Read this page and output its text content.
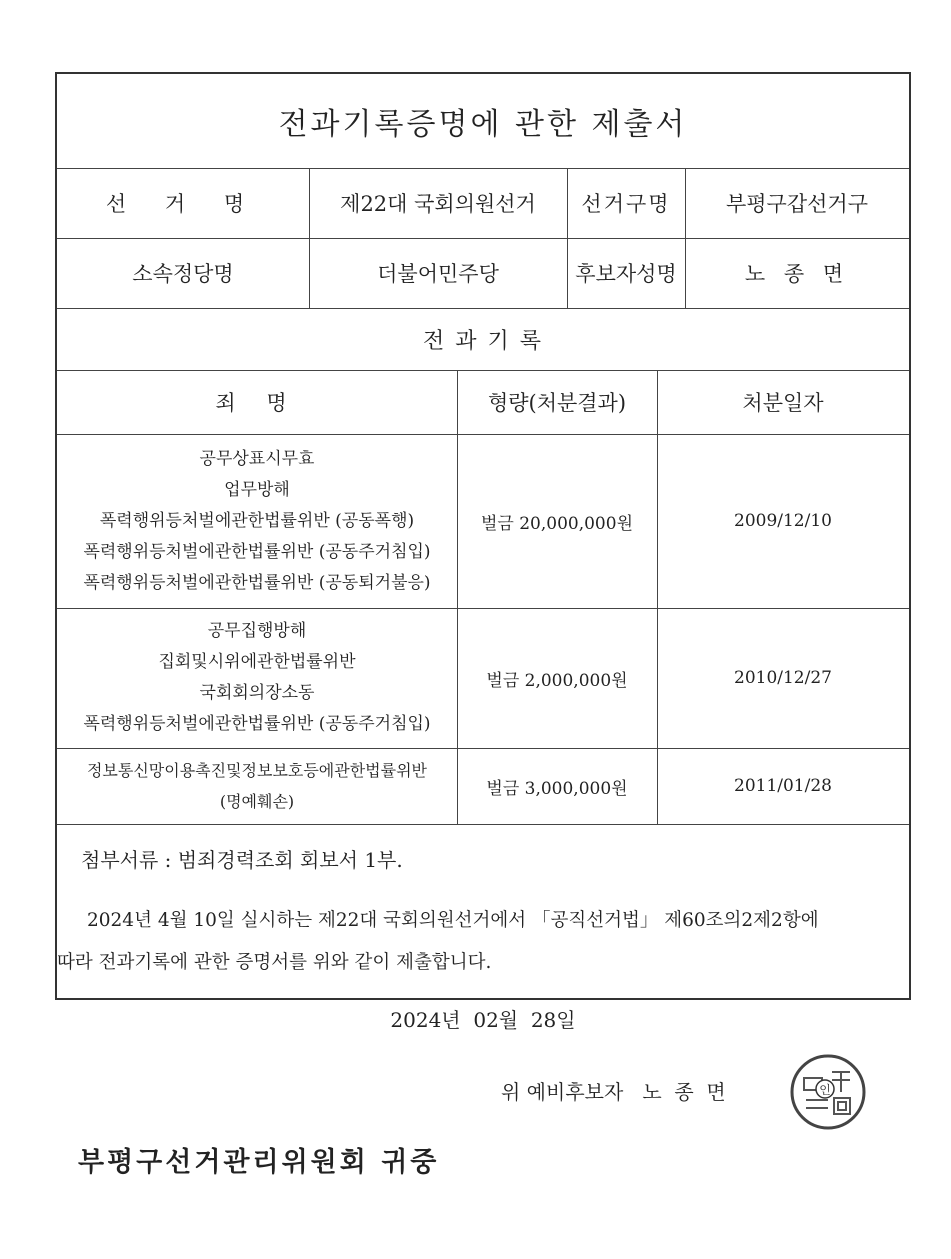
전과기록증명에 관한 제출서
선 거 명	제22대 국회의원선거	선거구명	부평구갑선거구
소속정당명	더불어민주당	후보자성명	노 종 면
전 과 기 록
죄 명	형량(처분결과)	처분일자
공무상표시무효
업무방해
폭력행위등처벌에관한법률위반 (공동폭행)
폭력행위등처벌에관한법률위반 (공동주거침입)
폭력행위등처벌에관한법률위반 (공동퇴거불응)
벌금 20,000,000원	2009/12/10
공무집행방해
집회및시위에관한법률위반
국회회의장소동
폭력행위등처벌에관한법률위반 (공동주거침입)
벌금 2,000,000원	2010/12/27
정보통신망이용촉진및정보보호등에관한법률위반
(명예훼손)
벌금 3,000,000원	2011/01/28
첨부서류 : 범죄경력조회 회보서 1부.
2024년 4월 10일 실시하는 제22대 국회의원선거에서 「공직선거법」 제60조의2제2항에
따라 전과기록에 관한 증명서를 위와 같이 제출합니다.
2024년  02월  28일
위 예비후보자   노  종  면	인
부평구선거관리위원회 귀중
